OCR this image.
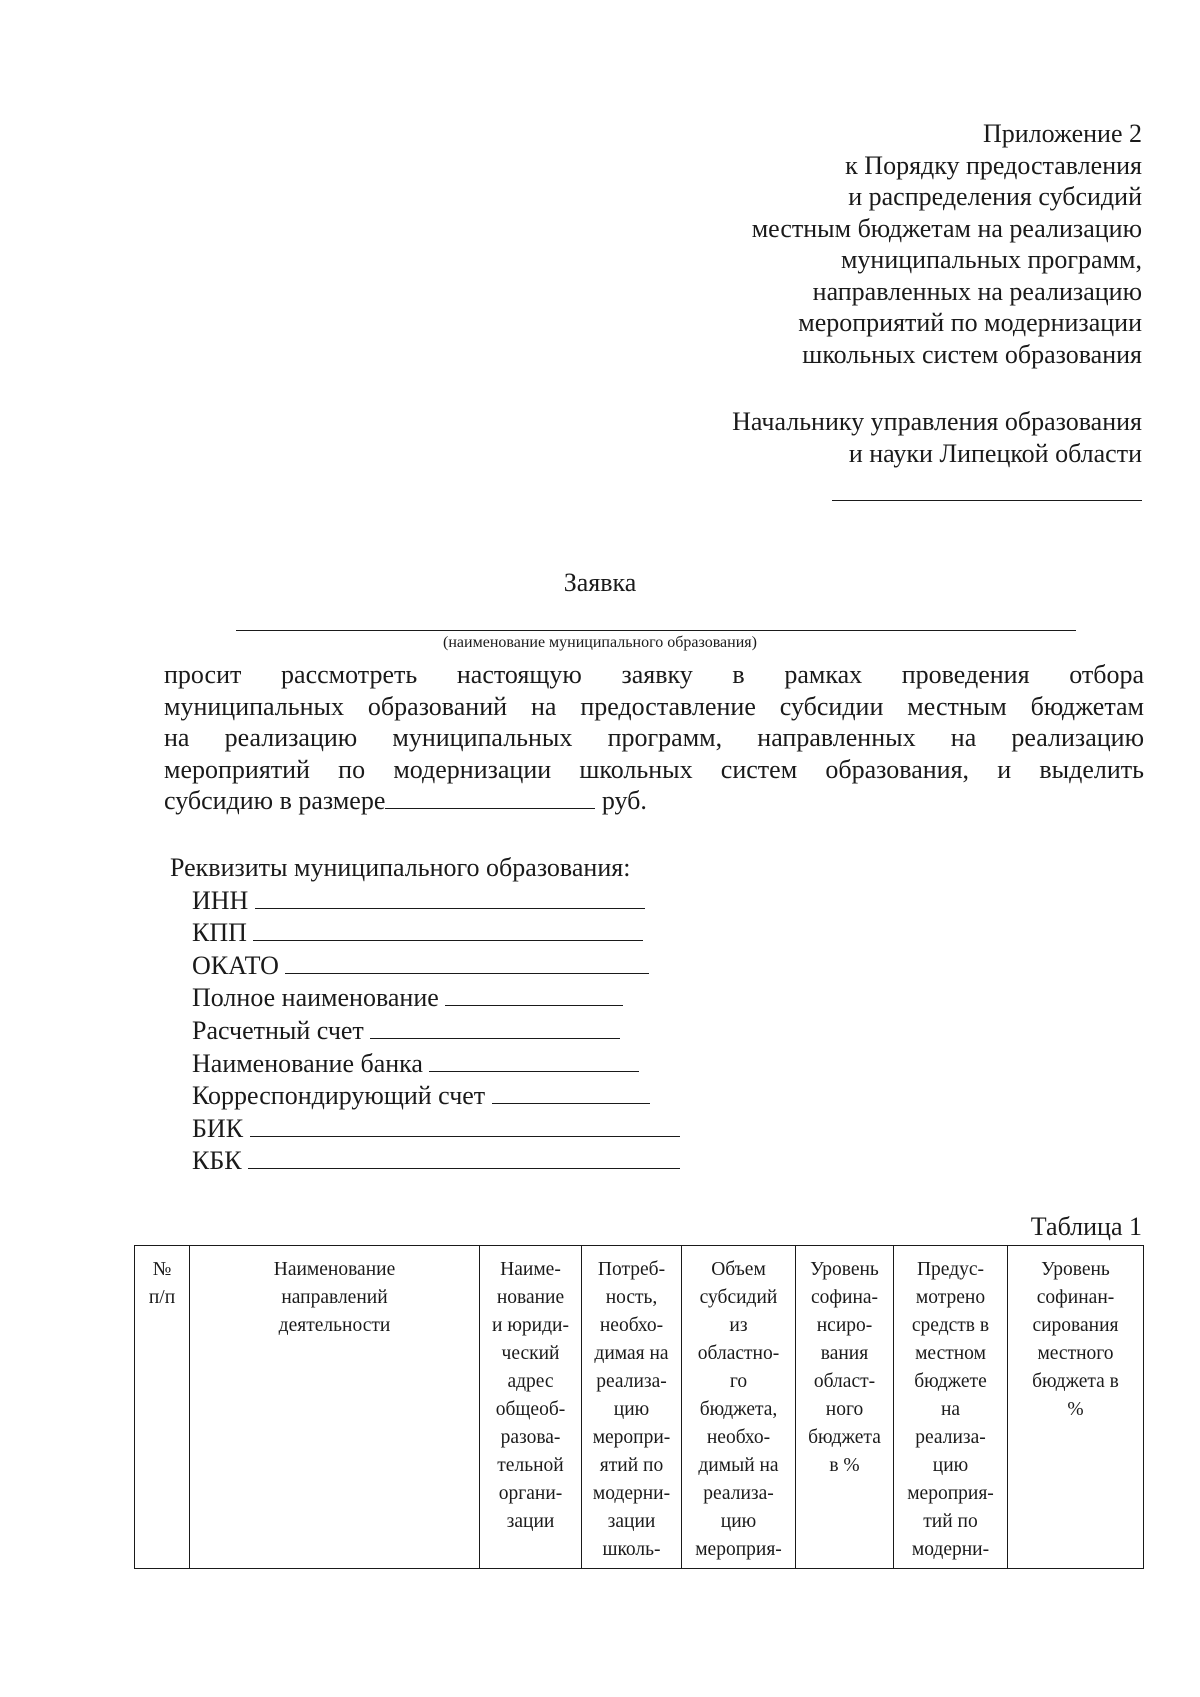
Приложение 2
к Порядку предоставления
и распределения субсидий
местным бюджетам на реализацию
муниципальных программ,
направленных на реализацию
мероприятий по модернизации
школьных систем образования
Начальнику управления образования
и науки Липецкой области
Заявка
(наименование муниципального образования)
просит рассмотреть настоящую заявку в рамках проведения отбора
муниципальных образований на предоставление субсидии местным бюджетам
на реализацию муниципальных программ, направленных на реализацию
мероприятий по модернизации школьных систем образования, и выделить
субсидию в размере	руб.
Реквизиты муниципального образования:
ИНН
КПП
ОКАТО
Полное наименование
Расчетный счет
Наименование банка
Корреспондирующий счет
БИК
КБК
Таблица 1
№
п/п	Наименование
направлений
деятельности	Наиме-
нование
и юриди-
ческий
адрес
общеоб-
разова-
тельной
органи-
зации	Потреб-
ность,
необхо-
димая на
реализа-
цию
меропри-
ятий по
модерни-
зации
школь-	Объем
субсидий
из
областно-
го
бюджета,
необхо-
димый на
реализа-
цию
мероприя-	Уровень
софина-
нсиро-
вания
област-
ного
бюджета
в %	Предус-
мотрено
средств в
местном
бюджете
на
реализа-
цию
мероприя-
тий по
модерни-	Уровень
софинан-
сирования
местного
бюджета в
%
